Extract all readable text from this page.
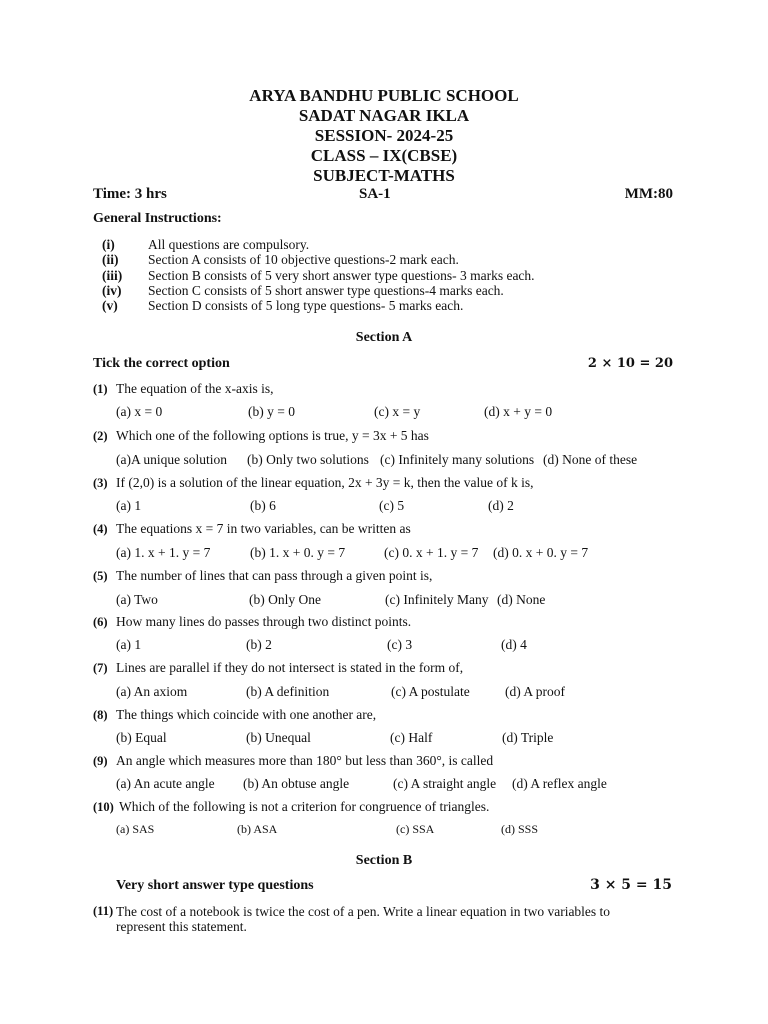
ARYA BANDHU PUBLIC SCHOOL
SADAT NAGAR IKLA
SESSION- 2024-25
CLASS – IX(CBSE)
SUBJECT-MATHS
Time: 3 hrs	SA-1	MM:80
General Instructions:
(i) All questions are compulsory.
(ii) Section A consists of 10 objective questions-2 mark each.
(iii) Section B consists of 5 very short answer type questions- 3 marks each.
(iv) Section C consists of 5 short answer type questions-4 marks each.
(v) Section D consists of 5 long type questions- 5 marks each.
Section A
Tick the correct option	2 × 10 = 20
(1) The equation of the x-axis is,
(a) x = 0	(b) y = 0	(c) x = y	(d) x + y = 0
(2) Which one of the following options is true, y = 3x + 5 has
(a)A unique solution (b) Only two solutions (c) Infinitely many solutions (d) None of these
(3) If (2,0) is a solution of the linear equation, 2x + 3y = k, then the value of k is,
(a) 1	(b) 6	(c) 5	(d) 2
(4) The equations x = 7 in two variables, can be written as
(a) 1. x + 1. y = 7	(b) 1. x + 0. y = 7	(c) 0. x + 1. y = 7 (d) 0. x + 0. y = 7
(5) The number of lines that can pass through a given point is,
(a) Two	(b) Only One	(c) Infinitely Many (d) None
(6) How many lines do passes through two distinct points.
(a) 1	(b) 2	(c) 3	(d) 4
(7) Lines are parallel if they do not intersect is stated in the form of,
(a) An axiom	(b) A definition	(c) A postulate	(d) A proof
(8) The things which coincide with one another are,
(b) Equal	(b) Unequal	(c) Half	(d) Triple
(9) An angle which measures more than 180° but less than 360°, is called
(a) An acute angle (b) An obtuse angle	(c) A straight angle (d) A reflex angle
(10) Which of the following is not a criterion for congruence of triangles.
(a) SAS	(b) ASA	(c) SSA	(d) SSS
Section B
Very short answer type questions	3 × 5 = 15
(11) The cost of a notebook is twice the cost of a pen. Write a linear equation in two variables to represent this statement.
